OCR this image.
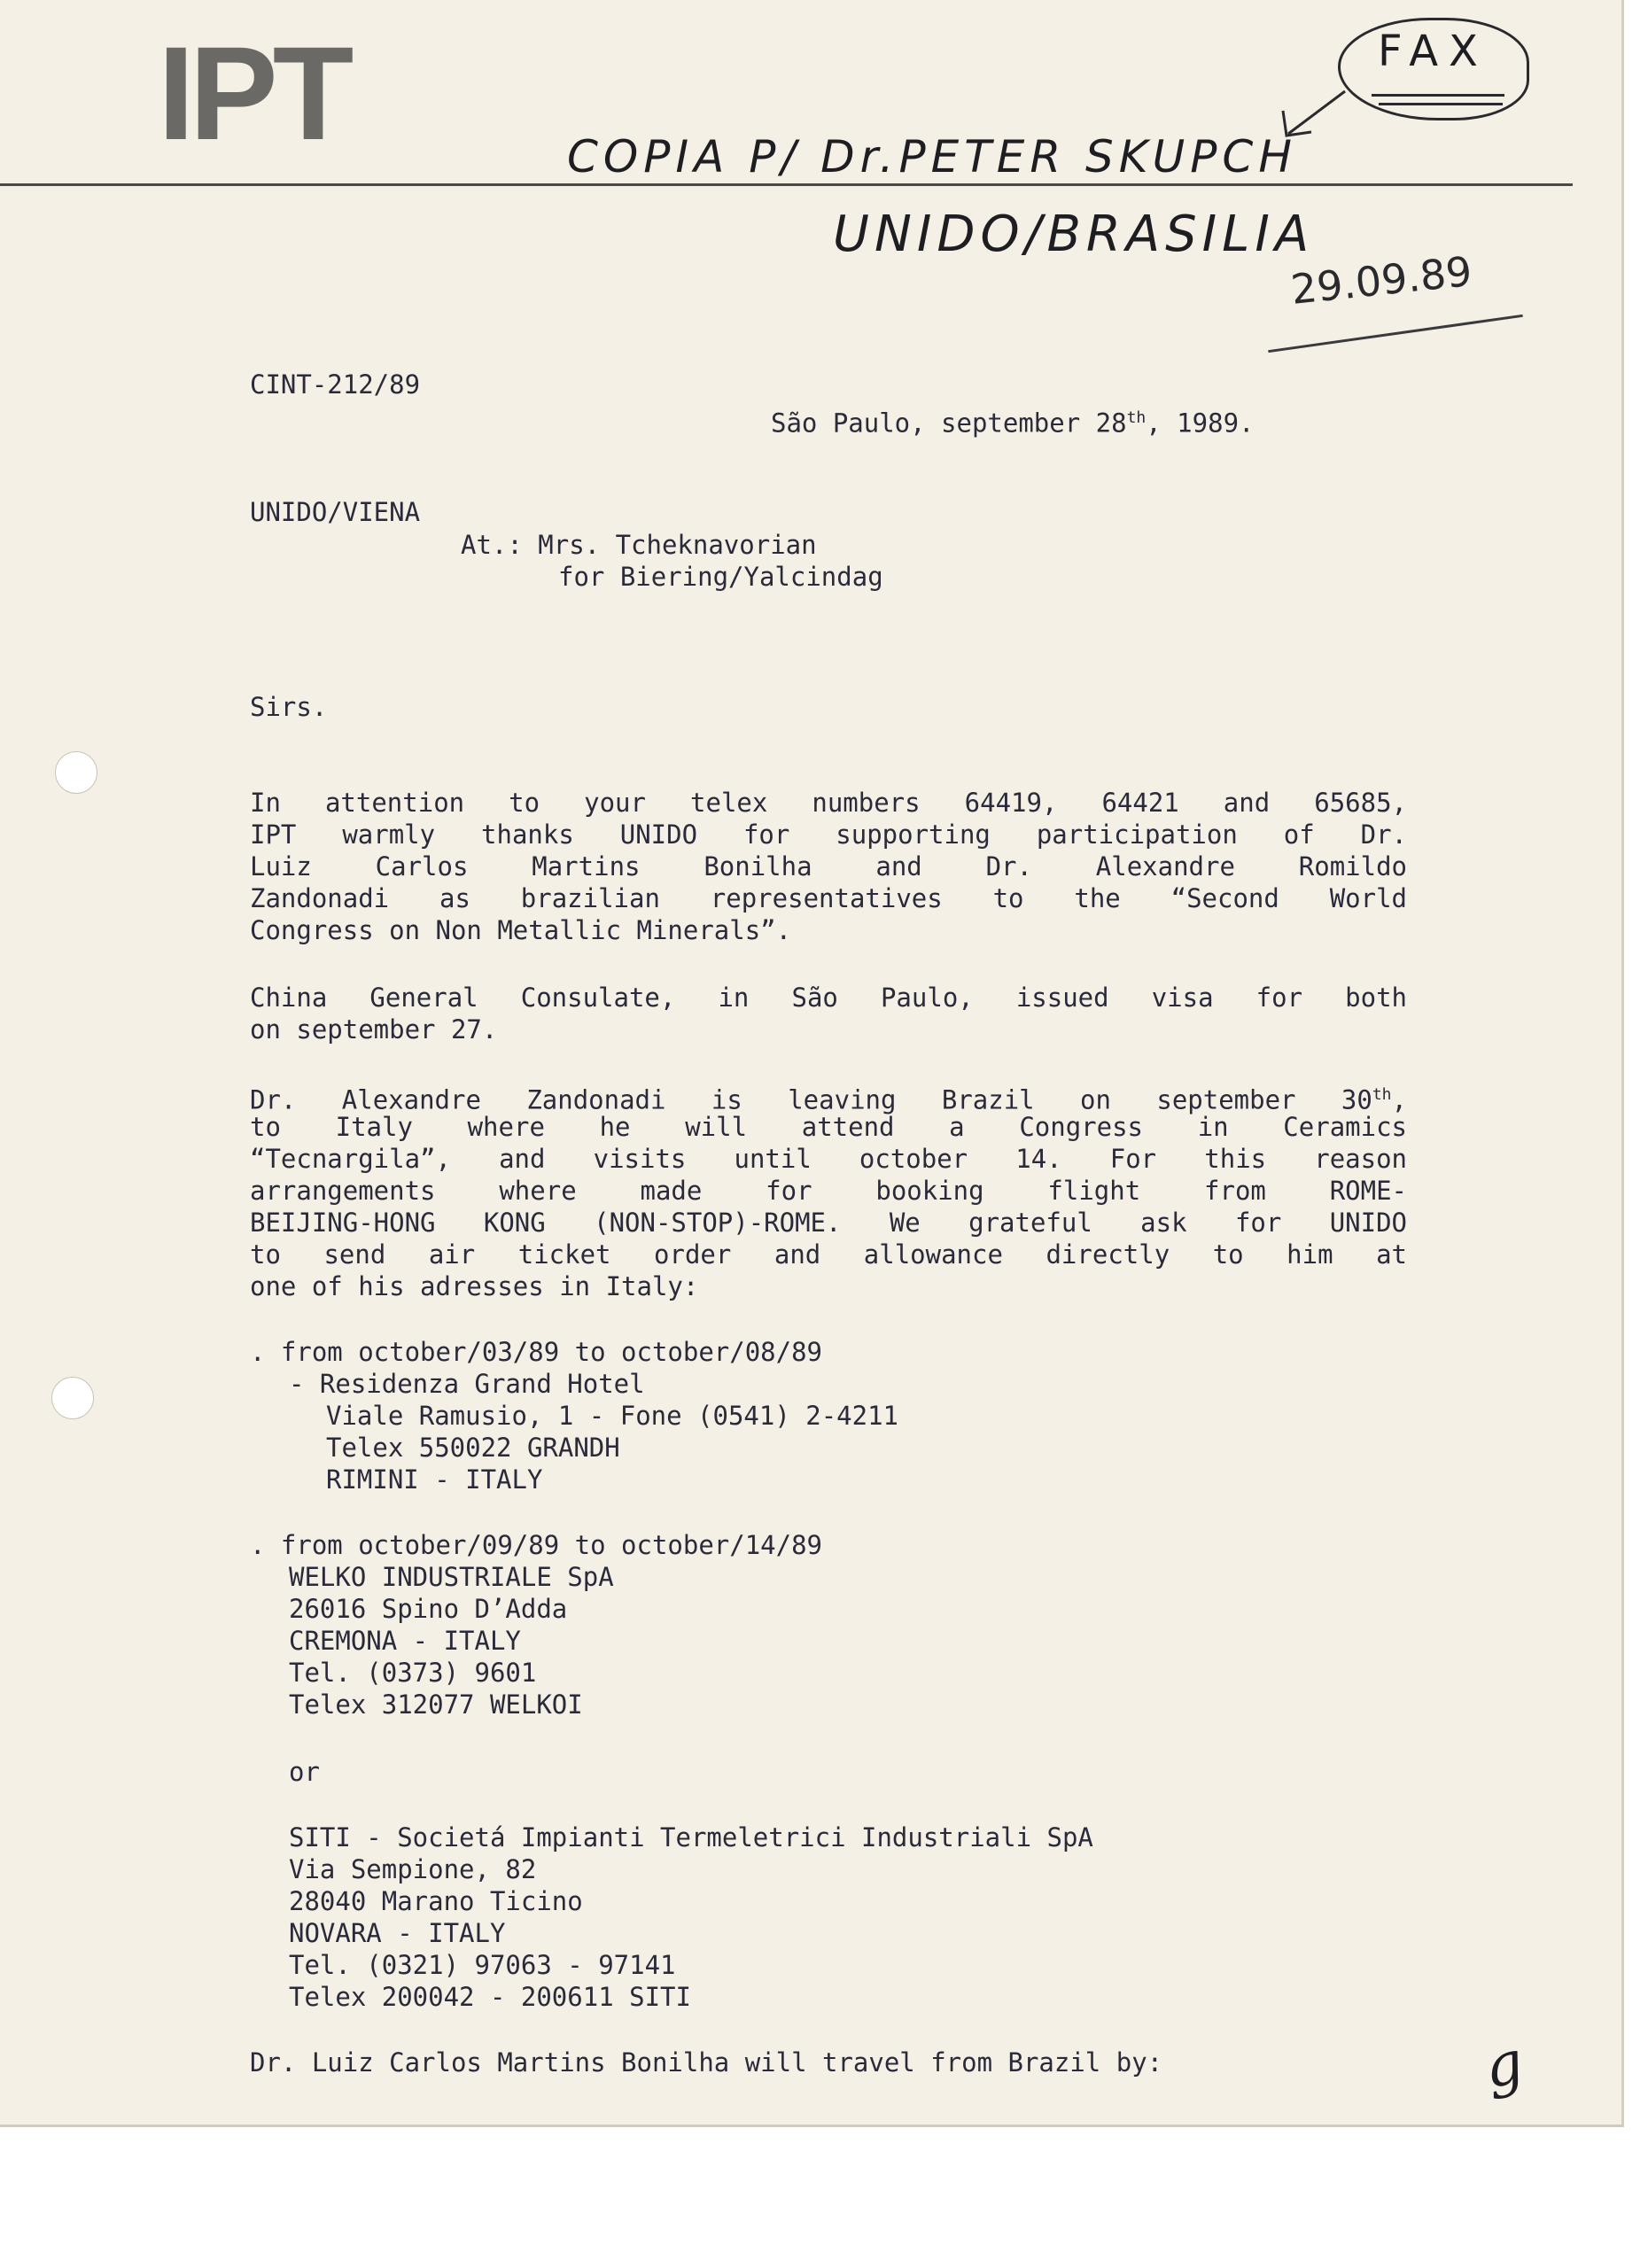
IPT	FAX
COPIA P/ Dr.PETER SKUPCH
UNIDO/BRASILIA
29.09.89

CINT-212/89

São Paulo, september 28th, 1989.

UNIDO/VIENA

At.: Mrs. Tcheknavorian

for Biering/Yalcindag

Sirs.

In attention to your telex numbers 64419, 64421 and 65685,
IPT warmly thanks UNIDO for supporting participation of Dr.
Luiz Carlos Martins Bonilha and Dr. Alexandre Romildo
Zandonadi as brazilian representatives to the “Second World
Congress on Non Metallic Minerals”.
China General Consulate, in São Paulo, issued visa for both
on september 27.
Dr. Alexandre Zandonadi is leaving Brazil on september 30th,
to Italy where he will attend a Congress in Ceramics
“Tecnargila”, and visits until october 14. For this reason
arrangements where made for booking flight from ROME-
BEIJING-HONG KONG (NON-STOP)-ROME. We grateful ask for UNIDO
to send air ticket order and allowance directly to him at
one of his adresses in Italy:

. from october/03/89 to october/08/89

- Residenza Grand Hotel

Viale Ramusio, 1 - Fone (0541) 2-4211

Telex 550022 GRANDH

RIMINI - ITALY

. from october/09/89 to october/14/89

WELKO INDUSTRIALE SpA

26016 Spino D’Adda

CREMONA - ITALY

Tel. (0373) 9601

Telex 312077 WELKOI

or

SITI - Societá Impianti Termeletrici Industriali SpA

Via Sempione, 82

28040 Marano Ticino

NOVARA - ITALY

Tel. (0321) 97063 - 97141

Telex 200042 - 200611 SITI

Dr. Luiz Carlos Martins Bonilha will travel from Brazil by:	g
